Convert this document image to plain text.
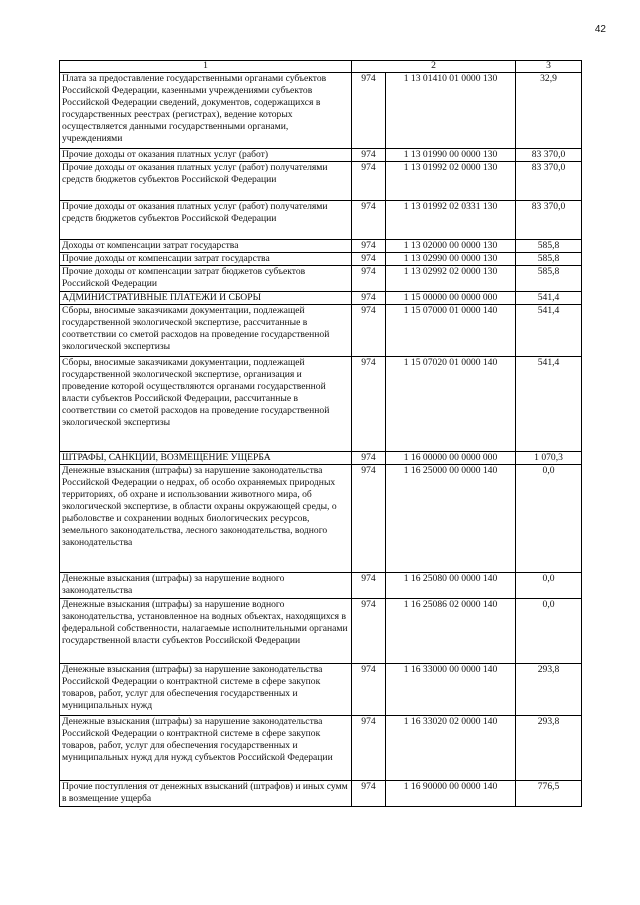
42
1	2		3
Плата за предоставление государственными органами субъектов Российской Федерации, казенными учреждениями субъектов Российской Федерации сведений, документов, содержащихся в государственных реестрах (регистрах), ведение которых осуществляется данными государственными органами, учреждениями	974	1 13 01410 01 0000 130	32,9
Прочие доходы от оказания платных услуг (работ)	974	1 13 01990 00 0000 130	83 370,0
Прочие доходы от оказания платных услуг (работ) получателями средств бюджетов субъектов Российской Федерации	974	1 13 01992 02 0000 130	83 370,0
Прочие доходы от оказания платных услуг (работ) получателями средств бюджетов субъектов Российской Федерации	974	1 13 01992 02 0331 130	83 370,0
Доходы от компенсации затрат государства	974	1 13 02000 00 0000 130	585,8
Прочие доходы от компенсации затрат государства	974	1 13 02990 00 0000 130	585,8
Прочие доходы от компенсации затрат бюджетов субъектов Российской Федерации	974	1 13 02992 02 0000 130	585,8
АДМИНИСТРАТИВНЫЕ ПЛАТЕЖИ И СБОРЫ	974	1 15 00000 00 0000 000	541,4
Сборы, вносимые заказчиками документации, подлежащей государственной экологической экспертизе, рассчитанные в соответствии со сметой расходов на проведение государственной экологической экспертизы	974	1 15 07000 01 0000 140	541,4
Сборы, вносимые заказчиками документации, подлежащей государственной экологической экспертизе, организация и проведение которой осуществляются органами государственной власти субъектов Российской Федерации, рассчитанные в соответствии со сметой расходов на проведение государственной экологической экспертизы	974	1 15 07020 01 0000 140	541,4
ШТРАФЫ, САНКЦИИ, ВОЗМЕЩЕНИЕ УЩЕРБА	974	1 16 00000 00 0000 000	1 070,3
Денежные взыскания (штрафы) за нарушение законодательства Российской Федерации о недрах, об особо охраняемых природных территориях, об охране и использовании животного мира, об экологической экспертизе, в области охраны окружающей среды, о рыболовстве и сохранении водных биологических ресурсов, земельного законодательства, лесного законодательства, водного законодательства	974	1 16 25000 00 0000 140	0,0
Денежные взыскания (штрафы) за нарушение водного законодательства	974	1 16 25080 00 0000 140	0,0
Денежные взыскания (штрафы) за нарушение водного законодательства, установленное на водных объектах, находящихся в федеральной собственности, налагаемые исполнительными органами государственной власти субъектов Российской Федерации	974	1 16 25086 02 0000 140	0,0
Денежные взыскания (штрафы) за нарушение законодательства Российской Федерации о контрактной системе в сфере закупок товаров, работ, услуг для обеспечения государственных и муниципальных нужд	974	1 16 33000 00 0000 140	293,8
Денежные взыскания (штрафы) за нарушение законодательства Российской Федерации о контрактной системе в сфере закупок товаров, работ, услуг для обеспечения государственных и муниципальных нужд для нужд субъектов Российской Федерации	974	1 16 33020 02 0000 140	293,8
Прочие поступления от денежных взысканий (штрафов) и иных сумм в возмещение ущерба	974	1 16 90000 00 0000 140	776,5
